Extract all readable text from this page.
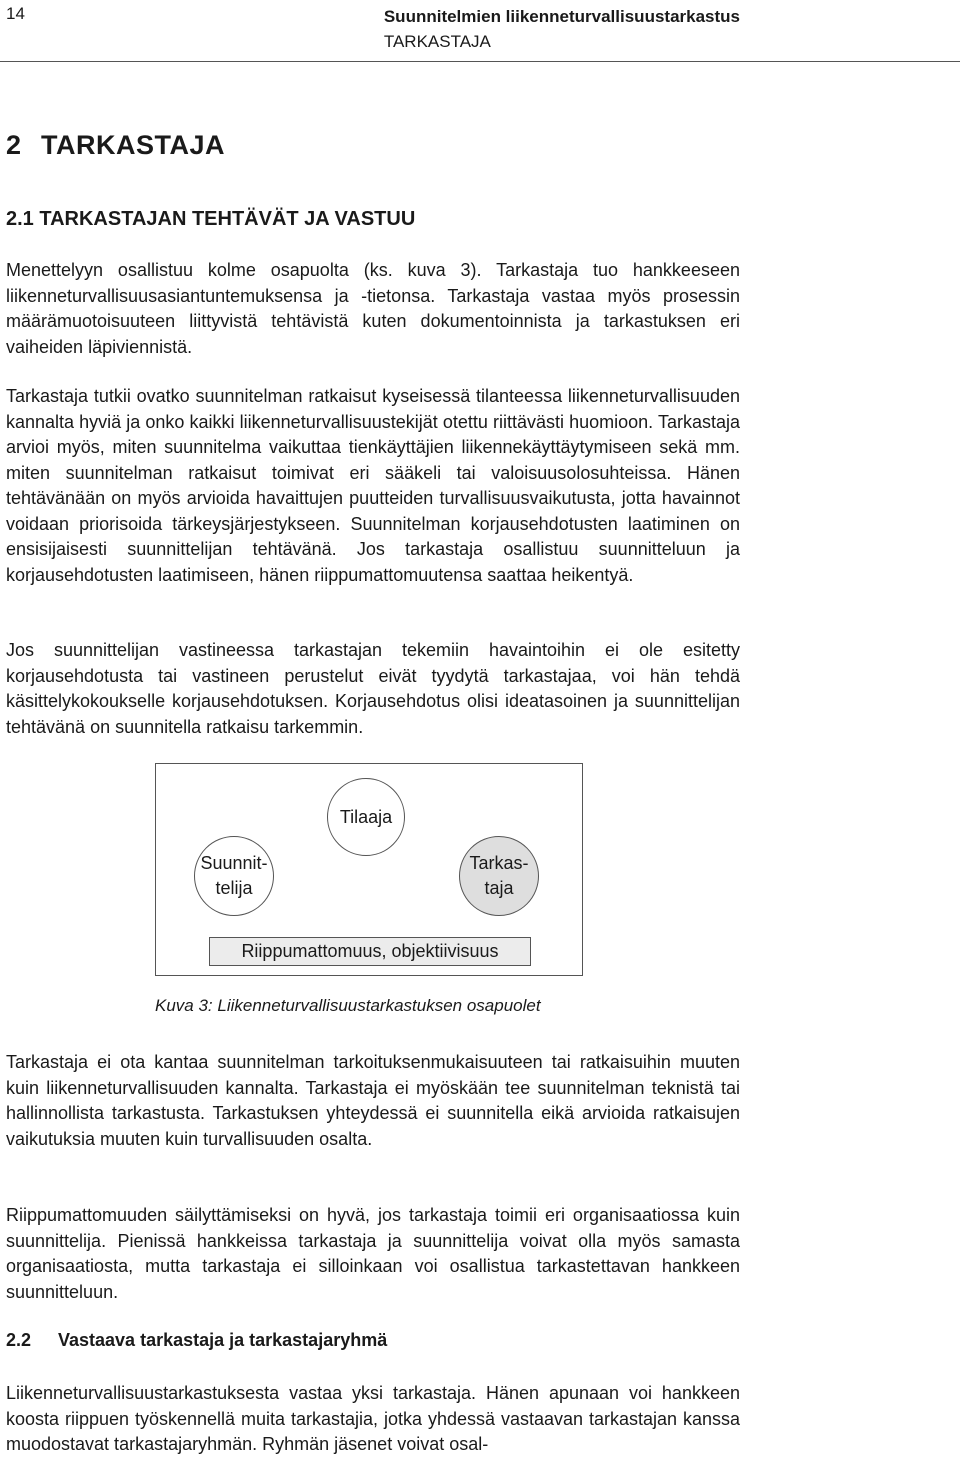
14	Suunnitelmien liikenneturvallisuustarkastus
TARKASTAJA
2 TARKASTAJA
2.1 TARKASTAJAN TEHTÄVÄT JA VASTUU

Menettelyyn osallistuu kolme osapuolta (ks. kuva 3). Tarkastaja tuo hankkeeseen liikenneturvallisuusasiantuntemuksensa ja -tietonsa. Tarkastaja vastaa myös prosessin määrämuotoisuuteen liittyvistä tehtävistä kuten dokumentoinnista ja tarkastuksen eri vaiheiden läpiviennistä.

Tarkastaja tutkii ovatko suunnitelman ratkaisut kyseisessä tilanteessa liikenneturvallisuuden kannalta hyviä ja onko kaikki liikenneturvallisuustekijät otettu riittävästi huomioon. Tarkastaja arvioi myös, miten suunnitelma vaikuttaa tienkäyttäjien liikennekäyttäytymiseen sekä mm. miten suunnitelman ratkaisut toimivat eri sääkeli tai valoisuusolosuhteissa. Hänen tehtävänään on myös arvioida havaittujen puutteiden turvallisuusvaikutusta, jotta havainnot voidaan priorisoida tärkeysjärjestykseen. Suunnitelman korjausehdotusten laatiminen on ensisijaisesti suunnittelijan tehtävänä. Jos tarkastaja osallistuu suunnitteluun ja korjausehdotusten laatimiseen, hänen riippumattomuutensa saattaa heikentyä.

Jos suunnittelijan vastineessa tarkastajan tekemiin havaintoihin ei ole esitetty korjausehdotusta tai vastineen perustelut eivät tyydytä tarkastajaa, voi hän tehdä käsittelykokoukselle korjausehdotuksen. Korjausehdotus olisi ideatasoinen ja suunnittelijan tehtävänä on suunnitella ratkaisu tarkemmin.

Tilaaja
Suunnit-
telija
Tarkas-
taja
Riippumattomuus, objektiivisuus
Kuva 3: Liikenneturvallisuustarkastuksen osapuolet

Tarkastaja ei ota kantaa suunnitelman tarkoituksenmukaisuuteen tai ratkaisuihin muuten kuin liikenneturvallisuuden kannalta. Tarkastaja ei myöskään tee suunnitelman teknistä tai hallinnollista tarkastusta. Tarkastuksen yhteydessä ei suunnitella eikä arvioida ratkaisujen vaikutuksia muuten kuin turvallisuuden osalta.

Riippumattomuuden säilyttämiseksi on hyvä, jos tarkastaja toimii eri organisaatiossa kuin suunnittelija. Pienissä hankkeissa tarkastaja ja suunnittelija voivat olla myös samasta organisaatiosta, mutta tarkastaja ei silloinkaan voi osallistua tarkastettavan hankkeen suunnitteluun.

2.2 Vastaava tarkastaja ja tarkastajaryhmä

Liikenneturvallisuustarkastuksesta vastaa yksi tarkastaja. Hänen apunaan voi hankkeen koosta riippuen työskennellä muita tarkastajia, jotka yhdessä vastaavan tarkastajan kanssa muodostavat tarkastajaryhmän. Ryhmän jäsenet voivat osal-
